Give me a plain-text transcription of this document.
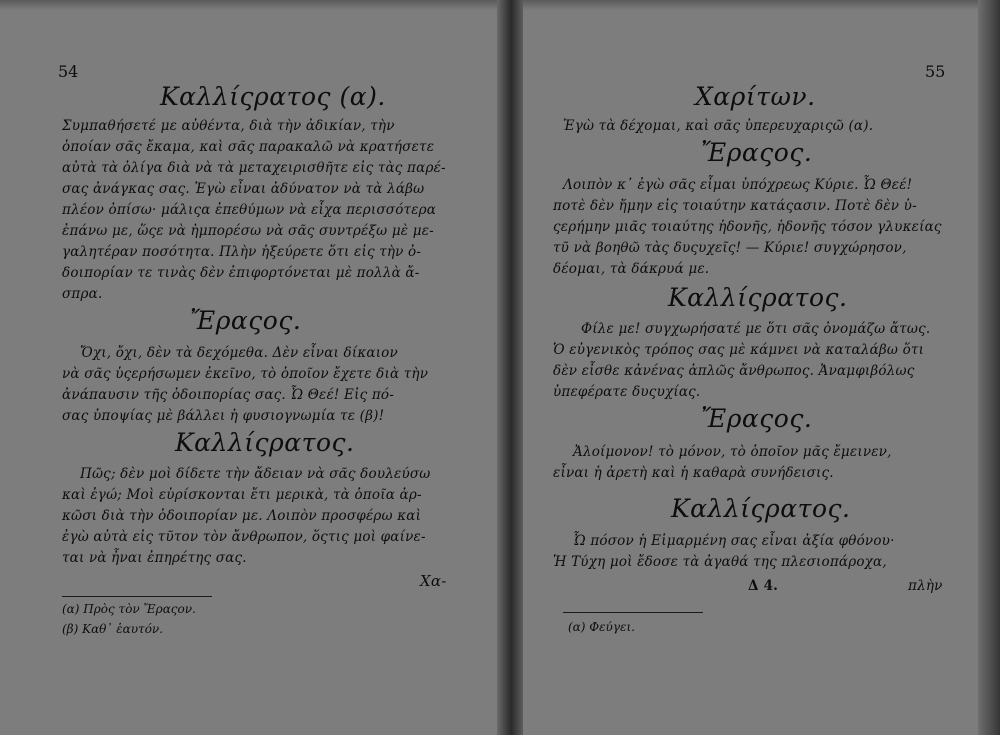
54
Καλλίςρατος (α).
Συμπαθήσετέ με αὐθέντα, διὰ τὴν ἀδικίαν, τὴν
ὁποίαν σᾶς ἔκαμα, καὶ σᾶς παρακαλῶ νὰ κρατήσετε
αὐτὰ τὰ ὀλίγα διὰ νὰ τὰ μεταχειρισθῆτε εἰς τὰς παρέ-
σας ἀνάγκας σας. Ἐγὼ εἶναι ἀδύνατον νὰ τὰ λάβω
πλέον ὀπίσω· μάλιςα ἐπεθύμων νὰ εἶχα περισσότερα
ἐπάνω με, ὥςε νὰ ἠμπορέσω νὰ σᾶς συντρέξω μὲ με-
γαλητέραν ποσότητα. Πλὴν ἠξεύρετε ὅτι εἰς τὴν ὁ-
δοιπορίαν τε τινὰς δὲν ἐπιφορτόνεται μὲ πολλὰ ἄ-
σπρα.
Ἔραςος.
Ὄχι, ὄχι, δὲν τὰ δεχόμεθα. Δὲν εἶναι δίκαιον
νὰ σᾶς ὑςερήσωμεν ἐκεῖνο, τὸ ὁποῖον ἔχετε διὰ τὴν
ἀνάπαυσιν τῆς ὁδοιπορίας σας. Ὦ Θεέ! Εἰς πό-
σας ὑποψίας μὲ βάλλει ἡ φυσιογνωμία τε (β)!
Καλλίςρατος.
Πῶς; δὲν μοὶ δίδετε τὴν ἄδειαν νὰ σᾶς δουλεύσω
καὶ ἐγώ; Μοὶ εὑρίσκονται ἔτι μερικὰ, τὰ ὁποῖα ἀρ-
κῶσι διὰ τὴν ὁδοιπορίαν με. Λοιπὸν προσφέρω καὶ
ἐγὼ αὐτὰ εἰς τῦτον τὸν ἄνθρωπον, ὅςτις μοὶ φαίνε-
ται νὰ ἦναι ἐπηρέτης σας.
Χα-
(α) Πρὸς τὸν Ἔραςον.
(β) Καθ᾽ ἑαυτόν.
55
Χαρίτων.
Ἐγὼ τὰ δέχομαι, καὶ σᾶς ὑπερευχαριςῶ (α).
Ἔραςος.
Λοιπὸν κ᾽ ἐγὼ σᾶς εἶμαι ὑπόχρεως Κύριε. Ὦ Θεέ!
ποτὲ δὲν ἤμην εἰς τοιαύτην κατάςασιν. Ποτὲ δὲν ὑ-
ςερήμην μιᾶς τοιαύτης ἡδονῆς, ἡδονῆς τόσον γλυκείας
τῦ νὰ βοηθῶ τὰς δυςυχεῖς! — Κύριε! συγχώρησον,
δέομαι, τὰ δάκρυά με.
Καλλίςρατος.
Φίλε με! συγχωρήσατέ με ὅτι σᾶς ὀνομάζω ἄτως.
Ὁ εὐγενικὸς τρόπος σας μὲ κάμνει νὰ καταλάβω ὅτι
δὲν εἶσθε κἀνένας ἁπλῶς ἄνθρωπος. Ἀναμφιβόλως
ὑπεφέρατε δυςυχίας.
Ἔραςος.
Ἀλοίμονον! τὸ μόνον, τὸ ὁποῖον μᾶς ἔμεινεν,
εἶναι ἡ ἀρετὴ καὶ ἡ καθαρὰ συνήδεισις.
Καλλίςρατος.
Ὦ πόσον ἡ Εἱμαρμένη σας εἶναι ἀξία φθόνου·
Ἡ Τύχη μοὶ ἔδοσε τὰ ἀγαθά της πλεσιοπάροχα,
Δ 4.	πλὴν
(α) Φεύγει.
